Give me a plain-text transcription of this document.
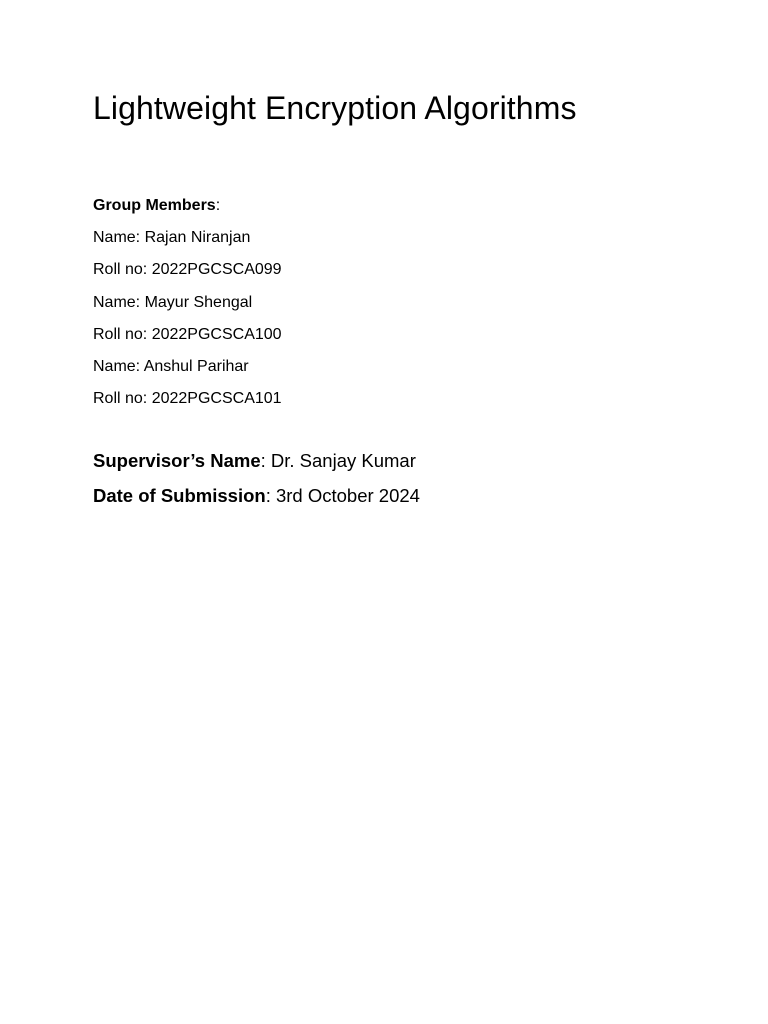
Lightweight Encryption Algorithms
Group Members:
Name: Rajan Niranjan
Roll no: 2022PGCSCA099
Name: Mayur Shengal
Roll no: 2022PGCSCA100
Name: Anshul Parihar
Roll no: 2022PGCSCA101
Supervisor’s Name: Dr. Sanjay Kumar
Date of Submission: 3rd October 2024
